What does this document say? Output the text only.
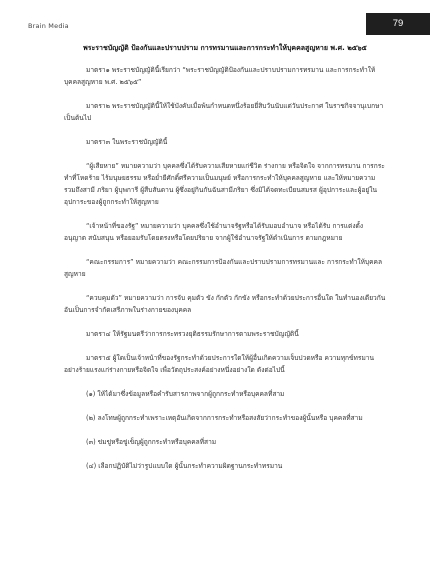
Brain Media	79
พระราชบัญญัติ ป้องกันและปราบปราม การทรมานและการกระทำให้บุคคลสูญหาย พ.ศ. ๒๕๖๕

มาตรา๑ พระราชบัญญัตินี้เรียกว่า “พระราชบัญญัติป้องกันและปราบปรามการทรมาน และการกระทำให้บุคคลสูญหาย พ.ศ. ๒๕๖๕”

มาตรา๒ พระราชบัญญัตินี้ให้ใช้บังคับเมื่อพ้นกำหนดหนึ่งร้อยยี่สิบวันนับแต่วันประกาศ ในราชกิจจานุเบกษาเป็นต้นไป

มาตรา๓ ในพระราชบัญญัตินี้

“ผู้เสียหาย” หมายความว่า บุคคลซึ่งได้รับความเสียหายแก่ชีวิต ร่างกาย หรือจิตใจ จากการทรมาน การกระทำที่โหดร้าย ไร้มนุษยธรรม หรือย่ำยีศักดิ์ศรีความเป็นมนุษย์ หรือการกระทำให้บุคคลสูญหาย และให้หมายความรวมถึงสามี ภริยา ผู้บุพการี ผู้สืบสันดาน ผู้ซึ่งอยู่กินกันฉันสามีภริยา ซึ่งมิได้จดทะเบียนสมรส ผู้อุปการะและผู้อยู่ในอุปการะของผู้ถูกกระทำให้สูญหาย

“เจ้าหน้าที่ของรัฐ” หมายความว่า บุคคลซึ่งใช้อำนาจรัฐหรือได้รับมอบอำนาจ หรือได้รับ การแต่งตั้ง อนุญาต สนับสนุน หรือยอมรับโดยตรงหรือโดยปริยาย จากผู้ใช้อำนาจรัฐให้ดำเนินการ ตามกฎหมาย

“คณะกรรมการ” หมายความว่า คณะกรรมการป้องกันและปราบปรามการทรมานและ การกระทำให้บุคคลสูญหาย

“ควบคุมตัว” หมายความว่า การจับ คุมตัว ขัง กักตัว กักขัง หรือกระทำด้วยประการอื่นใด ในทำนองเดียวกันอันเป็นการจำกัดเสรีภาพในร่างกายของบุคคล

มาตรา๔ ให้รัฐมนตรีว่าการกระทรวงยุติธรรมรักษาการตามพระราชบัญญัตินี้

มาตรา๕ ผู้ใดเป็นเจ้าหน้าที่ของรัฐกระทำด้วยประการใดให้ผู้อื่นเกิดความเจ็บปวดหรือ ความทุกข์ทรมานอย่างร้ายแรงแก่ร่างกายหรือจิตใจ เพื่อวัตถุประสงค์อย่างหนึ่งอย่างใด ดังต่อไปนี้

(๑) ให้ได้มาซึ่งข้อมูลหรือคำรับสารภาพจากผู้ถูกกระทำหรือบุคคลที่สาม

(๒) ลงโทษผู้ถูกกระทำเพราะเหตุอันเกิดจากการกระทำหรือสงสัยว่ากระทำของผู้นั้นหรือ บุคคลที่สาม

(๓) ข่มขู่หรือขู่เข็ญผู้ถูกกระทำหรือบุคคลที่สาม

(๔) เลือกปฏิบัติไม่ว่ารูปแบบใด ผู้นั้นกระทำความผิดฐานกระทำทรมาน
